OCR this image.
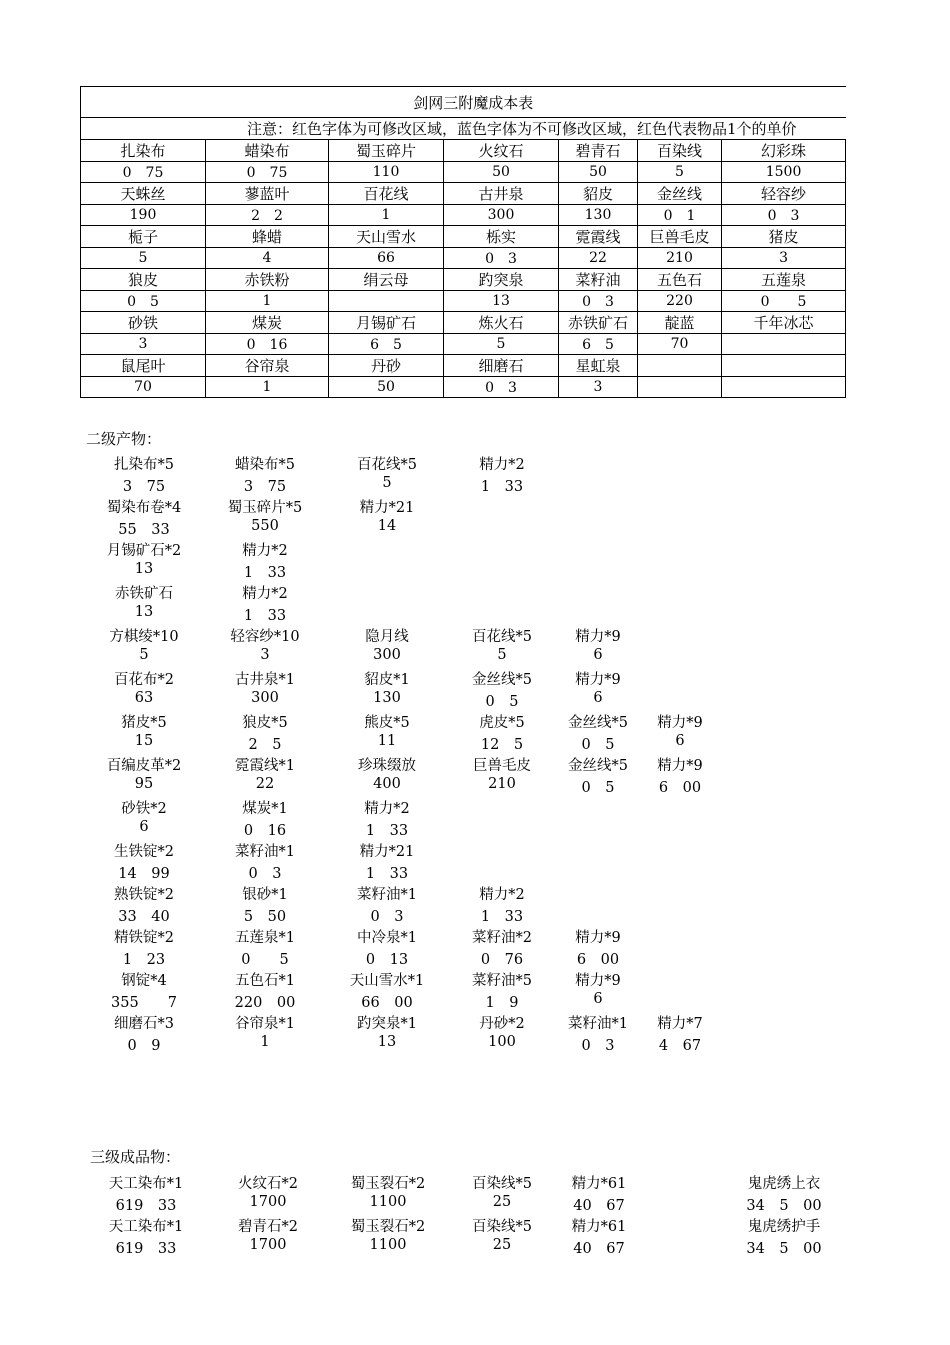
剑网三附魔成本表						
注意：红色字体为可修改区域，蓝色字体为不可修改区域，红色代表物品1个的单价						
扎染布	蜡染布	蜀玉碎片	火纹石	碧青石	百染线	幻彩珠
0　75	0　75	110	50	50	5	1500
天蛛丝	蓼蓝叶	百花线	古井泉	貂皮	金丝线	轻容纱
190	2　2	1	300	130	0　1	0　3
栀子	蜂蜡	天山雪水	栎实	霓霞线	巨兽毛皮	猪皮
5	4	66	0　3	22	210	3
狼皮	赤铁粉	绢云母	趵突泉	菜籽油	五色石	五莲泉
0　5	1		13	0　3	220	0　　5
砂铁	煤炭	月锡矿石	炼火石	赤铁矿石	靛蓝	千年冰芯
3	0　16	6　5	5	6　5	70	
鼠尾叶	谷帘泉	丹砂	细磨石	星虹泉		
70	1	50	0　3	3		
二级产物：
扎染布*5	蜡染布*5	百花线*5	精力*2
3　75	3　75	5	1　33
蜀染布卷*4	蜀玉碎片*5	精力*21
55　33	550	14
月锡矿石*2	精力*2
13	1　33
赤铁矿石	精力*2
13	1　33
方棋绫*10	轻容纱*10	隐月线	百花线*5	精力*9
5	3	300	5	6
百花布*2	古井泉*1	貂皮*1	金丝线*5	精力*9
63	300	130	0　5	6
猪皮*5	狼皮*5	熊皮*5	虎皮*5	金丝线*5	精力*9
15	2　5	11	12　5	0　5	6
百编皮革*2	霓霞线*1	珍珠缀放	巨兽毛皮	金丝线*5	精力*9
95	22	400	210	0　5	6　00
砂铁*2	煤炭*1	精力*2
6	0　16	1　33
生铁锭*2	菜籽油*1	精力*21
14　99	0　3	1　33
熟铁锭*2	银砂*1	菜籽油*1	精力*2
33　40	5　50	0　3	1　33
精铁锭*2	五莲泉*1	中冷泉*1	菜籽油*2	精力*9
1　23	0　　5	0　13	0　76	6　00
钢锭*4	五色石*1	天山雪水*1	菜籽油*5	精力*9
355　　7	220　00	66　00	1　9	6
细磨石*3	谷帘泉*1	趵突泉*1	丹砂*2	菜籽油*1	精力*7
0　9	1	13	100	0　3	4　67
三级成品物：
天工染布*1	火纹石*2	蜀玉裂石*2	百染线*5	精力*61	鬼虎绣上衣
619　33	1700	1100	25	40　67	34　5　00
天工染布*1	碧青石*2	蜀玉裂石*2	百染线*5	精力*61	鬼虎绣护手
619　33	1700	1100	25	40　67	34　5　00
